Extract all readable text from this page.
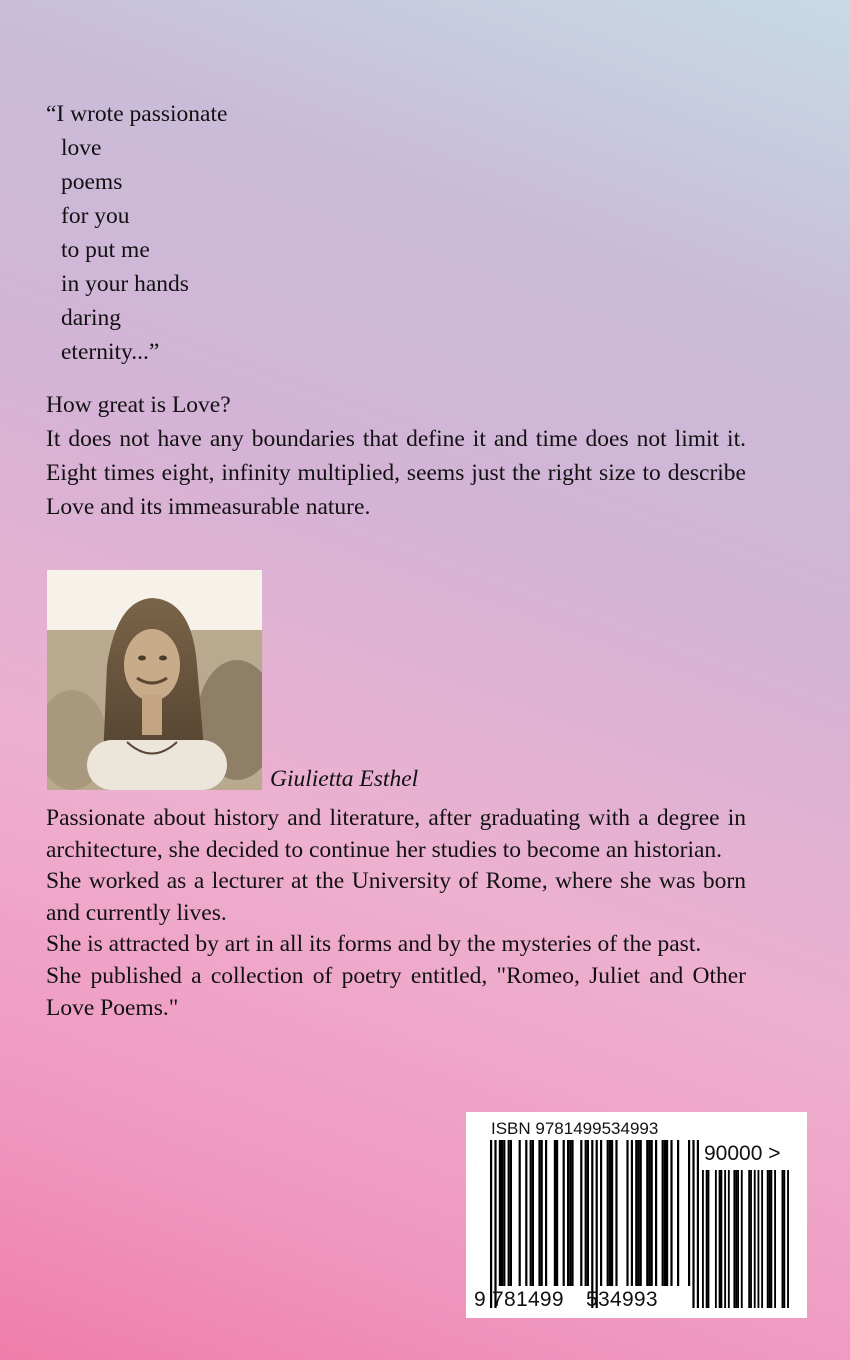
“I wrote passionate
love
poems
for you
to put me
in your hands
daring
eternity...”

How great is Love?

It does not have any boundaries that define it and time does not limit it. Eight times eight, infinity multiplied, seems just the right size to describe Love and its immeasurable nature.

Giulietta Esthel

Passionate about history and literature, after graduating with a degree in architecture, she decided to continue her studies to become an historian.

She worked as a lecturer at the University of Rome, where she was born and currently lives.

She is attracted by art in all its forms and by the mysteries of the past.

She published a collection of poetry entitled, "Romeo, Juliet and Other Love Poems."

ISBN 9781499534993
90000 >
9 781499	534993
